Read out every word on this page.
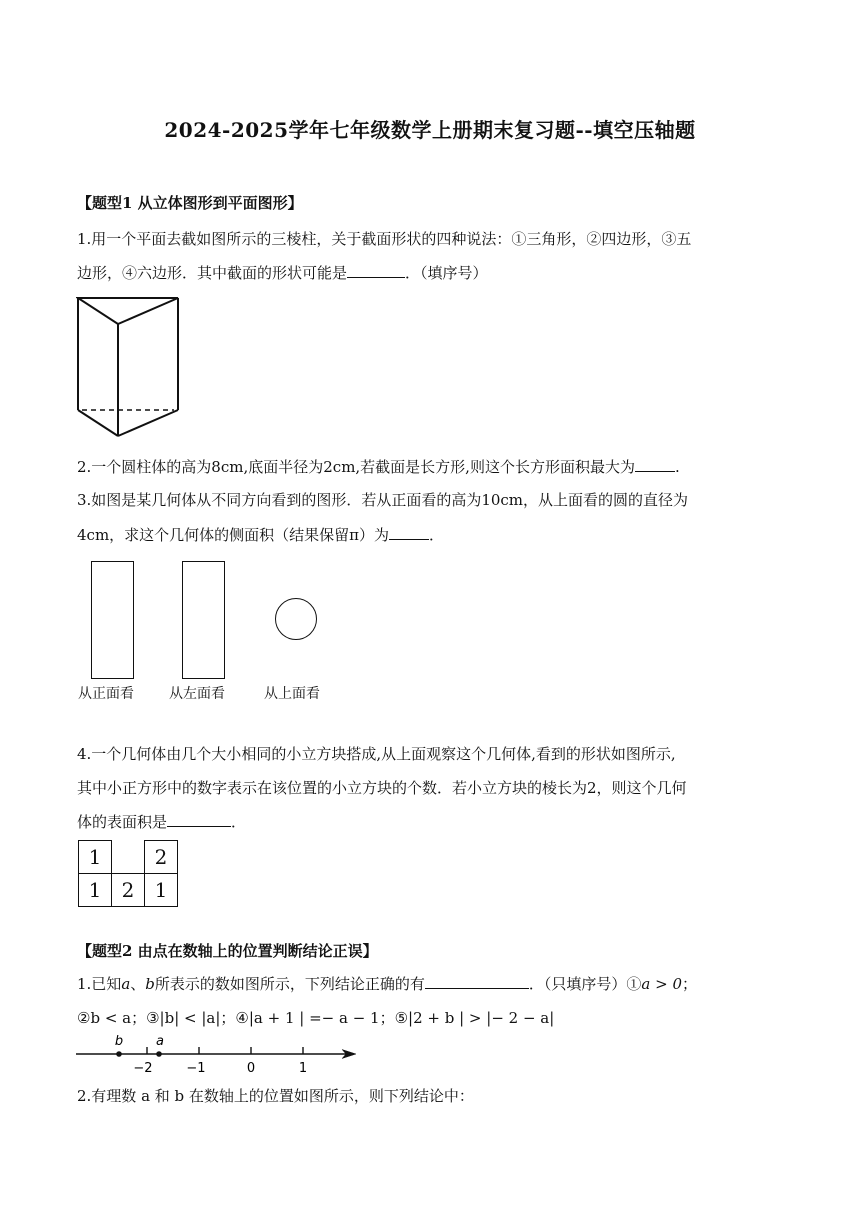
2024-2025学年七年级数学上册期末复习题--填空压轴题
【题型1 从立体图形到平面图形】
1.用一个平面去截如图所示的三棱柱，关于截面形状的四种说法：①三角形，②四边形，③五
边形，④六边形．其中截面的形状可能是	．（填序号）
2.一个圆柱体的高为8cm,底面半径为2cm,若截面是长方形,则这个长方形面积最大为	.
3.如图是某几何体从不同方向看到的图形．若从正面看的高为10cm，从上面看的圆的直径为
4cm，求这个几何体的侧面积（结果保留π）为	．
从正面看	从左面看	从上面看
4.一个几何体由几个大小相同的小立方块搭成,从上面观察这个几何体,看到的形状如图所示,
其中小正方形中的数字表示在该位置的小立方块的个数．若小立方块的棱长为2，则这个几何
体的表面积是	．
1		2
1	2	1
【题型2 由点在数轴上的位置判断结论正误】
1.已知a、b所表示的数如图所示，下列结论正确的有	．（只填序号）①a > 0；
②b < a；③|b| < |a|；④|a + 1 | =− a − 1；⑤|2 + b | > |− 2 − a|
b	a
−2	−1	0	1
2.有理数 a 和 b 在数轴上的位置如图所示，则下列结论中：
